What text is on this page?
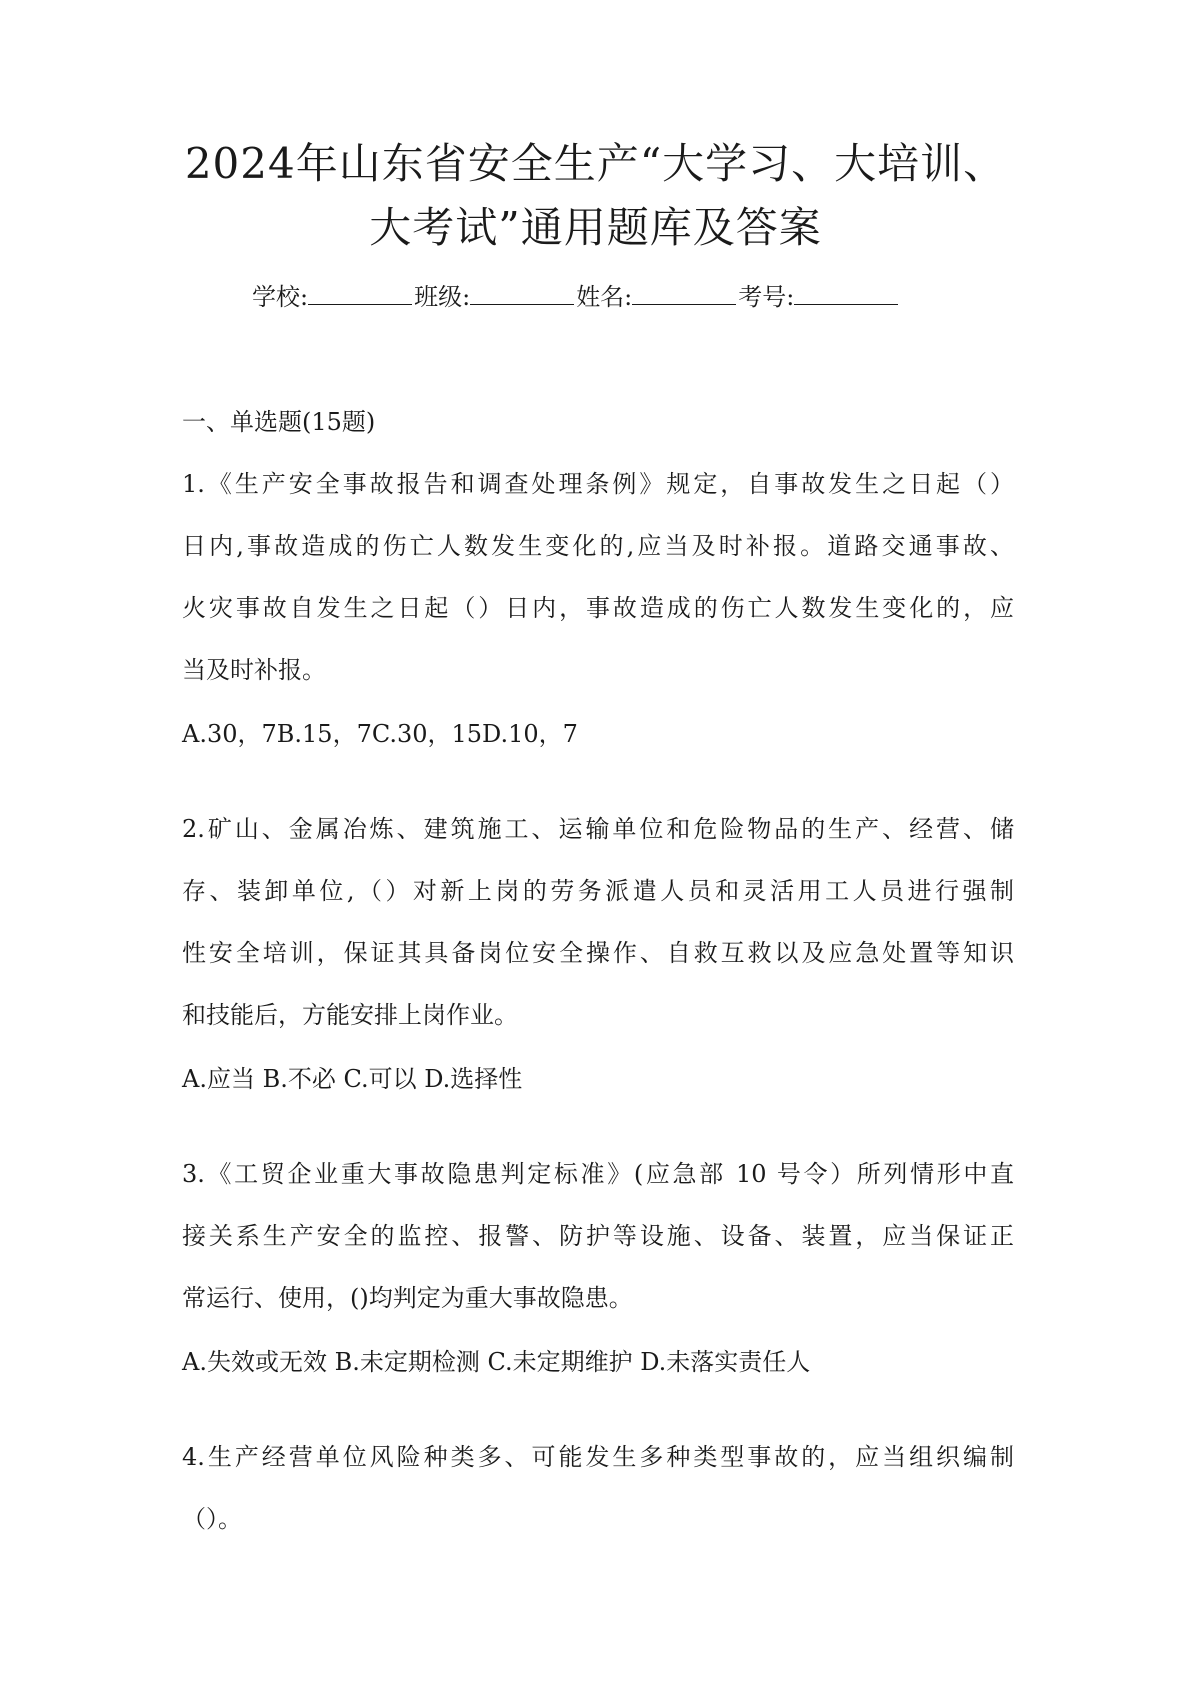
2024年山东省安全生产“大学习、大培训、
大考试”通用题库及答案
学校:	班级:	姓名:	考号:
一、单选题(15题)
1.《生产安全事故报告和调查处理条例》规定，自事故发生之日起（）
日内,事故造成的伤亡人数发生变化的,应当及时补报。道路交通事故、
火灾事故自发生之日起（）日内，事故造成的伤亡人数发生变化的，应
当及时补报。
A.30，7B.15，7C.30，15D.10，7
2.矿山、金属冶炼、建筑施工、运输单位和危险物品的生产、经营、储
存、装卸单位,（）对新上岗的劳务派遣人员和灵活用工人员进行强制
性安全培训，保证其具备岗位安全操作、自救互救以及应急处置等知识
和技能后，方能安排上岗作业。
A.应当 B.不必 C.可以 D.选择性
3.《工贸企业重大事故隐患判定标准》(应急部 10 号令）所列情形中直
接关系生产安全的监控、报警、防护等设施、设备、装置，应当保证正
常运行、使用，()均判定为重大事故隐患。
A.失效或无效 B.未定期检测 C.未定期维护 D.未落实责任人
4.生产经营单位风险种类多、可能发生多种类型事故的，应当组织编制
（）。
